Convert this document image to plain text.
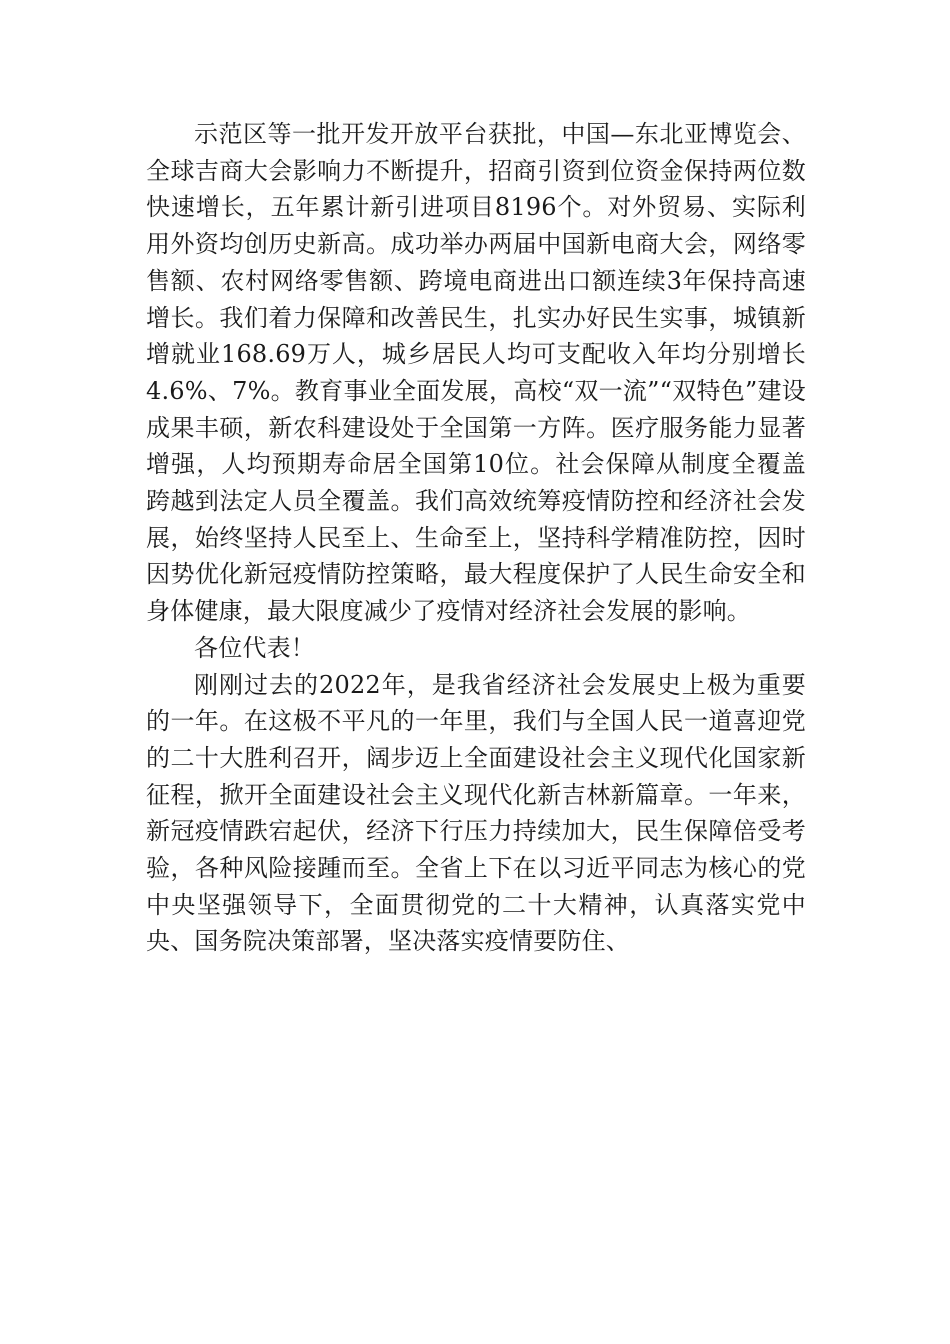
示范区等一批开发开放平台获批，中国—东北亚博览会、全球吉商大会影响力不断提升，招商引资到位资金保持两位数快速增长，五年累计新引进项目8196个。对外贸易、实际利用外资均创历史新高。成功举办两届中国新电商大会，网络零售额、农村网络零售额、跨境电商进出口额连续3年保持高速增长。我们着力保障和改善民生，扎实办好民生实事，城镇新增就业168.69万人，城乡居民人均可支配收入年均分别增长4.6%、7%。教育事业全面发展，高校“双一流”“双特色”建设成果丰硕，新农科建设处于全国第一方阵。医疗服务能力显著增强，人均预期寿命居全国第10位。社会保障从制度全覆盖跨越到法定人员全覆盖。我们高效统筹疫情防控和经济社会发展，始终坚持人民至上、生命至上，坚持科学精准防控，因时因势优化新冠疫情防控策略，最大程度保护了人民生命安全和身体健康，最大限度减少了疫情对经济社会发展的影响。

各位代表！

刚刚过去的2022年，是我省经济社会发展史上极为重要的一年。在这极不平凡的一年里，我们与全国人民一道喜迎党的二十大胜利召开，阔步迈上全面建设社会主义现代化国家新征程，掀开全面建设社会主义现代化新吉林新篇章。一年来，新冠疫情跌宕起伏，经济下行压力持续加大，民生保障倍受考验，各种风险接踵而至。全省上下在以习近平同志为核心的党中央坚强领导下，全面贯彻党的二十大精神，认真落实党中央、国务院决策部署，坚决落实疫情要防住、
